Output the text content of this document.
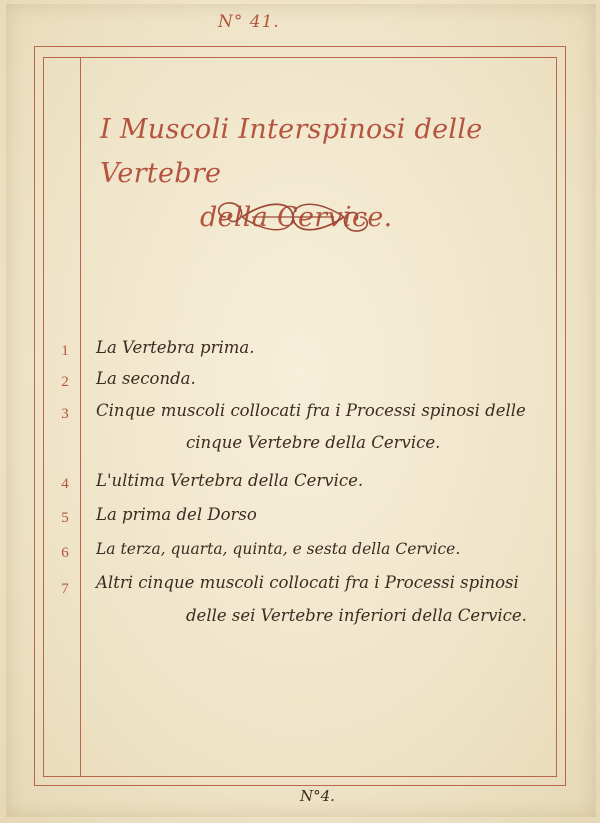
N° 41.
I Muscoli Interspinosi delle Vertebre
della Cervice.
1 La Vertebra prima.
2 La seconda.
3 Cinque muscoli collocati fra i Processi spinosi delle
cinque Vertebre della Cervice.
4 L'ultima Vertebra della Cervice.
5 La prima del Dorso
6 La terza, quarta, quinta, e sesta della Cervice.
7 Altri cinque muscoli collocati fra i Processi spinosi
delle sei Vertebre inferiori della Cervice.
N°4.
